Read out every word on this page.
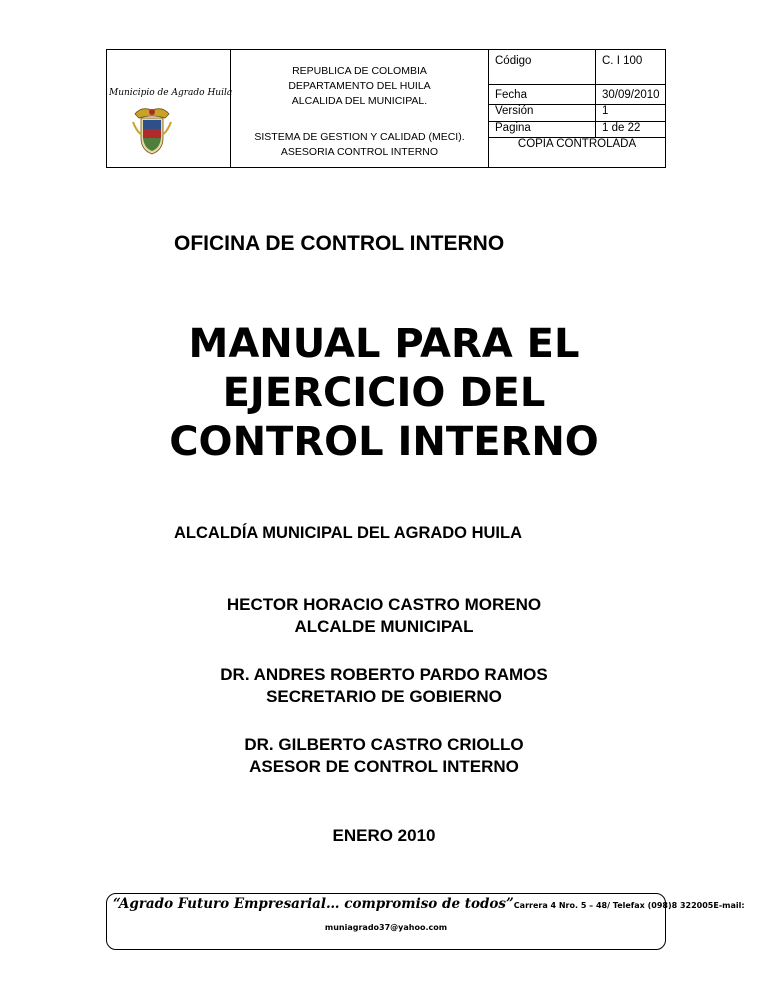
Municipio de Agrado Huila
REPUBLICA DE COLOMBIA
DEPARTAMENTO DEL HUILA
ALCALIDA DEL MUNICIPAL.
SISTEMA DE GESTION Y CALIDAD (MECI).
ASESORIA CONTROL INTERNO
Código	C. I 100
Fecha	30/09/2010
Versión	1
Pagina	1 de 22
COPIA CONTROLADA
OFICINA DE CONTROL INTERNO
MANUAL PARA EL
EJERCICIO DEL
CONTROL INTERNO
ALCALDÍA MUNICIPAL DEL AGRADO HUILA
HECTOR HORACIO CASTRO MORENO
ALCALDE MUNICIPAL
DR. ANDRES ROBERTO PARDO RAMOS
SECRETARIO DE GOBIERNO
DR. GILBERTO CASTRO CRIOLLO
ASESOR DE CONTROL INTERNO
ENERO 2010
“Agrado Futuro Empresarial… compromiso de todos”Carrera 4 Nro. 5 – 48/ Telefax (098)8 322005E-mail:
muniagrado37@yahoo.com
